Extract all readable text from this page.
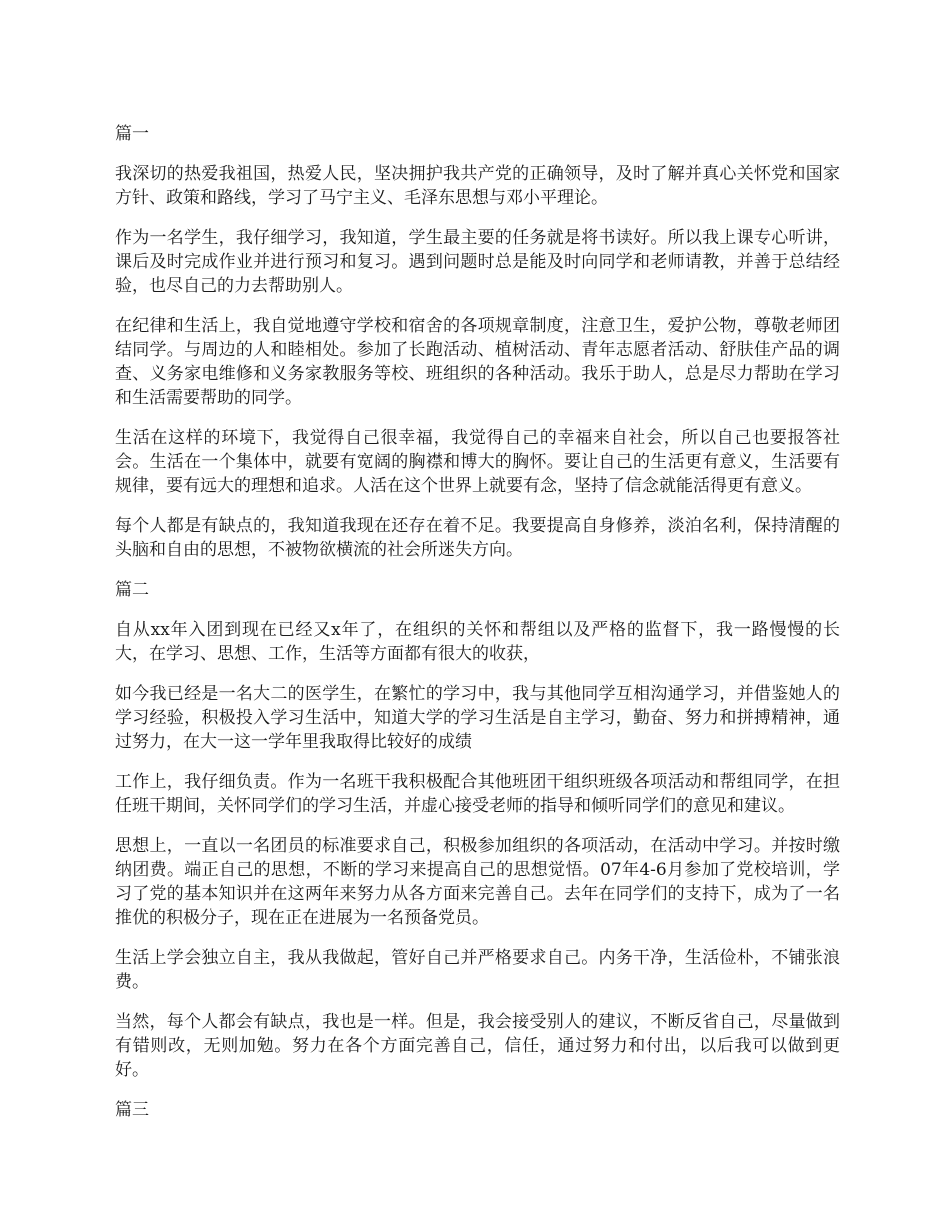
篇一

我深切的热爱我祖国，热爱人民，坚决拥护我共产党的正确领导，及时了解并真心关怀党和国家方针、政策和路线，学习了马宁主义、毛泽东思想与邓小平理论。

作为一名学生，我仔细学习，我知道，学生最主要的任务就是将书读好。所以我上课专心听讲，课后及时完成作业并进行预习和复习。遇到问题时总是能及时向同学和老师请教，并善于总结经验，也尽自己的力去帮助别人。

在纪律和生活上，我自觉地遵守学校和宿舍的各项规章制度，注意卫生，爱护公物，尊敬老师团结同学。与周边的人和睦相处。参加了长跑活动、植树活动、青年志愿者活动、舒肤佳产品的调查、义务家电维修和义务家教服务等校、班组织的各种活动。我乐于助人，总是尽力帮助在学习和生活需要帮助的同学。

生活在这样的环境下，我觉得自己很幸福，我觉得自己的幸福来自社会，所以自己也要报答社会。生活在一个集体中，就要有宽阔的胸襟和博大的胸怀。要让自己的生活更有意义，生活要有规律，要有远大的理想和追求。人活在这个世界上就要有念，坚持了信念就能活得更有意义。

每个人都是有缺点的，我知道我现在还存在着不足。我要提高自身修养，淡泊名利，保持清醒的头脑和自由的思想，不被物欲横流的社会所迷失方向。

篇二

自从xx年入团到现在已经又x年了，在组织的关怀和帮组以及严格的监督下，我一路慢慢的长大，在学习、思想、工作，生活等方面都有很大的收获，

如今我已经是一名大二的医学生，在繁忙的学习中，我与其他同学互相沟通学习，并借鉴她人的学习经验，积极投入学习生活中，知道大学的学习生活是自主学习，勤奋、努力和拼搏精神，通过努力，在大一这一学年里我取得比较好的成绩

工作上，我仔细负责。作为一名班干我积极配合其他班团干组织班级各项活动和帮组同学，在担任班干期间，关怀同学们的学习生活，并虚心接受老师的指导和倾听同学们的意见和建议。

思想上，一直以一名团员的标准要求自己，积极参加组织的各项活动，在活动中学习。并按时缴纳团费。端正自己的思想，不断的学习来提高自己的思想觉悟。07年4-6月参加了党校培训，学习了党的基本知识并在这两年来努力从各方面来完善自己。去年在同学们的支持下，成为了一名推优的积极分子，现在正在进展为一名预备党员。

生活上学会独立自主，我从我做起，管好自己并严格要求自己。内务干净，生活俭朴，不铺张浪费。

当然，每个人都会有缺点，我也是一样。但是，我会接受别人的建议，不断反省自己，尽量做到有错则改，无则加勉。努力在各个方面完善自己，信任，通过努力和付出，以后我可以做到更好。

篇三
